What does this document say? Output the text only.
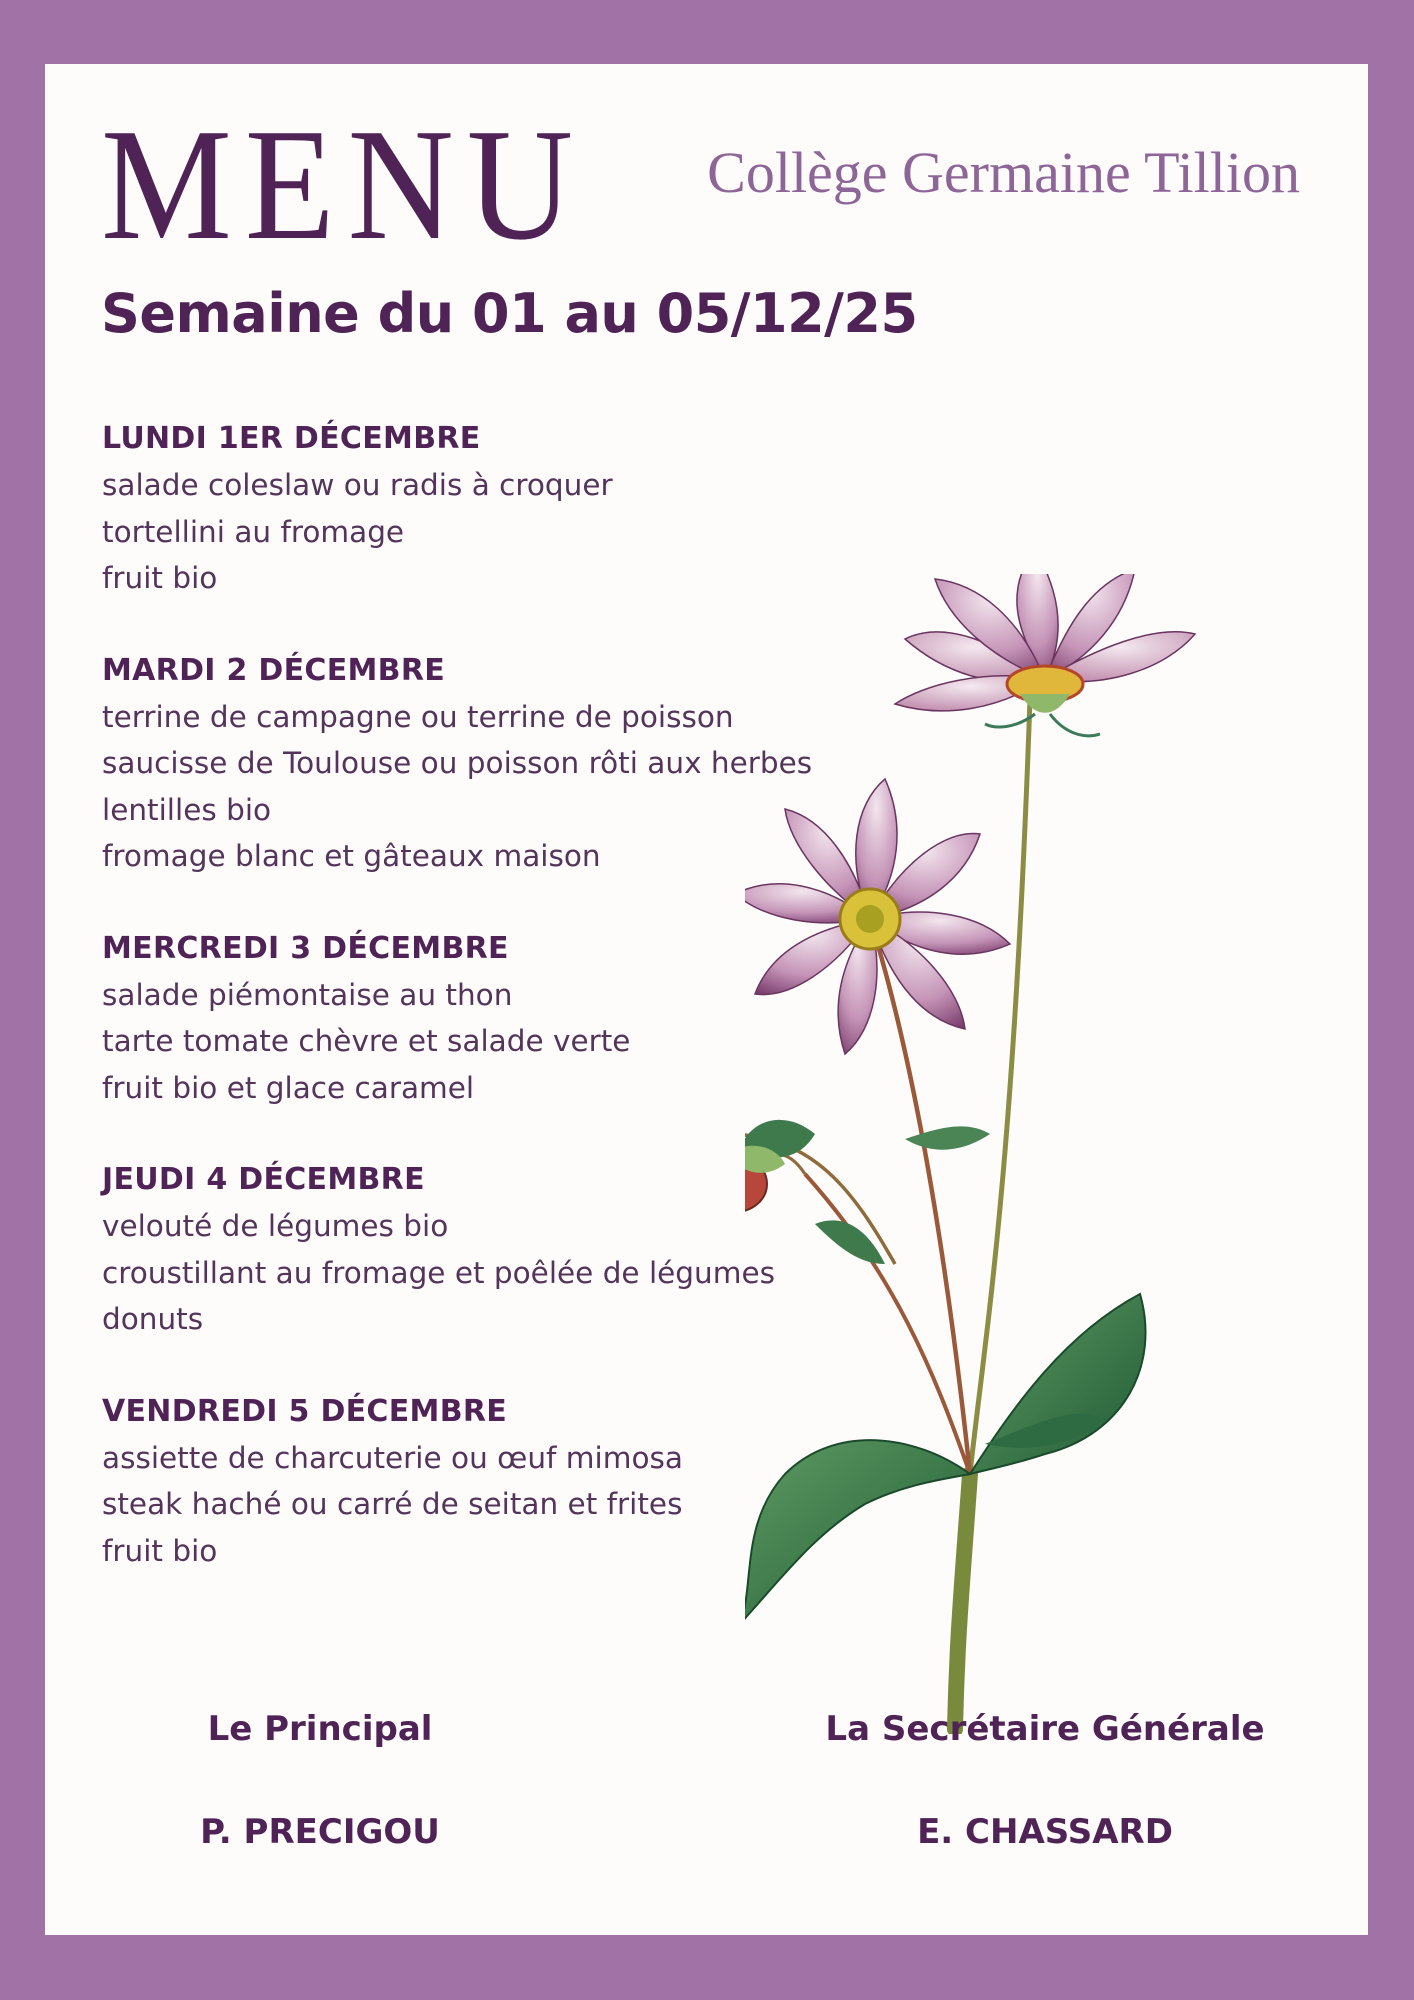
MENU Collège Germaine Tillion
Semaine du 01 au 05/12/25
LUNDI 1ER DÉCEMBRE
salade coleslaw ou radis à croquer
tortellini au fromage
fruit bio
MARDI 2 DÉCEMBRE
terrine de campagne ou terrine de poisson
saucisse de Toulouse ou poisson rôti aux herbes
lentilles bio
fromage blanc et gâteaux maison
MERCREDI 3 DÉCEMBRE
salade piémontaise au thon
tarte tomate chèvre et salade verte
fruit bio et glace caramel
JEUDI 4 DÉCEMBRE
velouté de légumes bio
croustillant au fromage et poêlée de légumes
donuts
VENDREDI 5 DÉCEMBRE
assiette de charcuterie ou œuf mimosa
steak haché ou carré de seitan et frites
fruit bio
Le Principal
P. PRECIGOU
La Secrétaire Générale
E. CHASSARD
